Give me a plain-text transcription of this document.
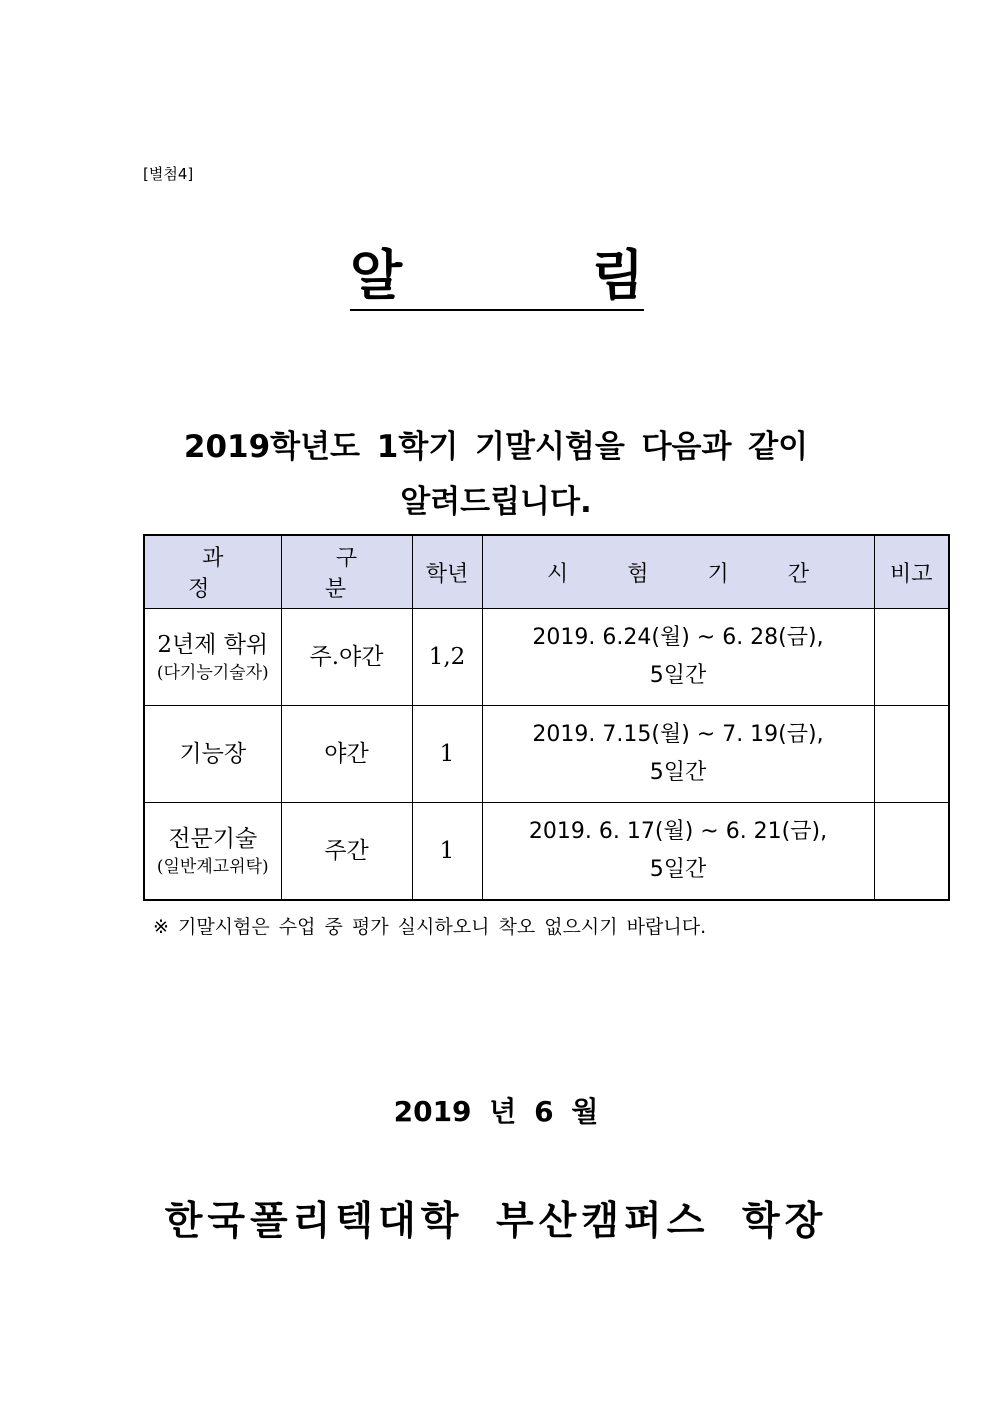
[별첨4]
알	림
2019학년도 1학기 기말시험을 다음과 같이
알려드립니다.
과 정	구 분	학년	시 험 기 간	비고
2년제 학위
(다기능기술자)	주.야간	1,2	2019. 6.24(월) ~ 6. 28(금),
5일간	
기능장	야간	1	2019. 7.15(월) ~ 7. 19(금),
5일간	
전문기술
(일반계고위탁)	주간	1	2019. 6. 17(월) ~ 6. 21(금),
5일간	
※ 기말시험은 수업 중 평가 실시하오니 착오 없으시기 바랍니다.
2019 년 6 월
한국폴리텍대학 부산캠퍼스 학장
